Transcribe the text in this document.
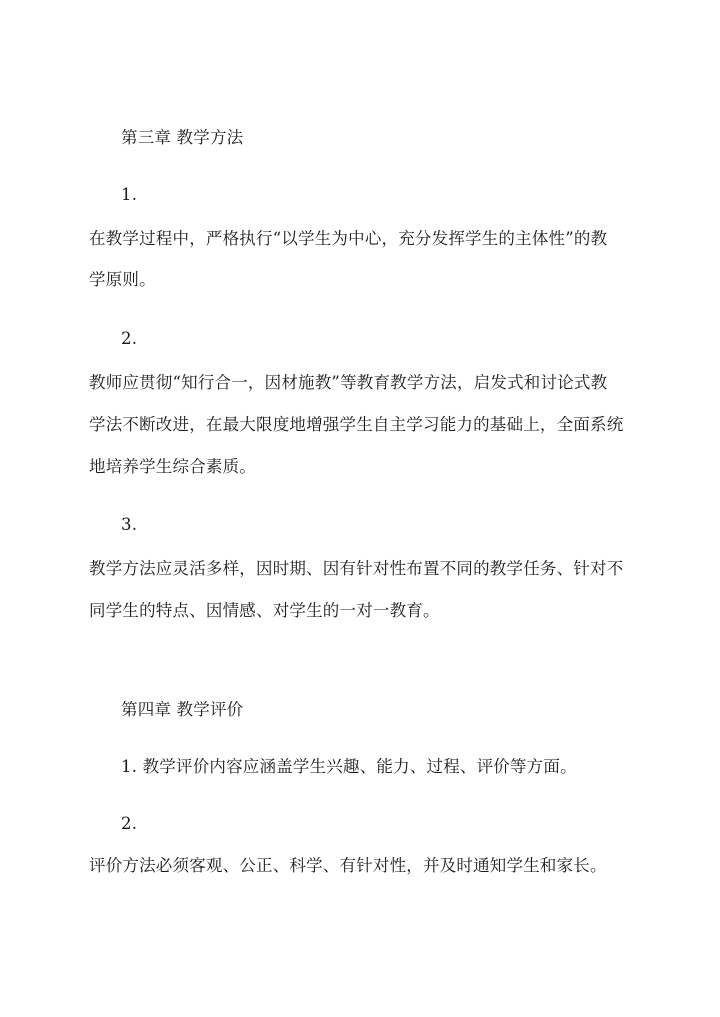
第三章 教学方法
1.
在教学过程中，严格执行“以学生为中心，充分发挥学生的主体性”的教
学原则。
2.
教师应贯彻“知行合一，因材施教”等教育教学方法，启发式和讨论式教
学法不断改进，在最大限度地增强学生自主学习能力的基础上，全面系统
地培养学生综合素质。
3.
教学方法应灵活多样，因时期、因有针对性布置不同的教学任务、针对不
同学生的特点、因情感、对学生的一对一教育。
第四章 教学评价
1. 教学评价内容应涵盖学生兴趣、能力、过程、评价等方面。
2.
评价方法必须客观、公正、科学、有针对性，并及时通知学生和家长。
